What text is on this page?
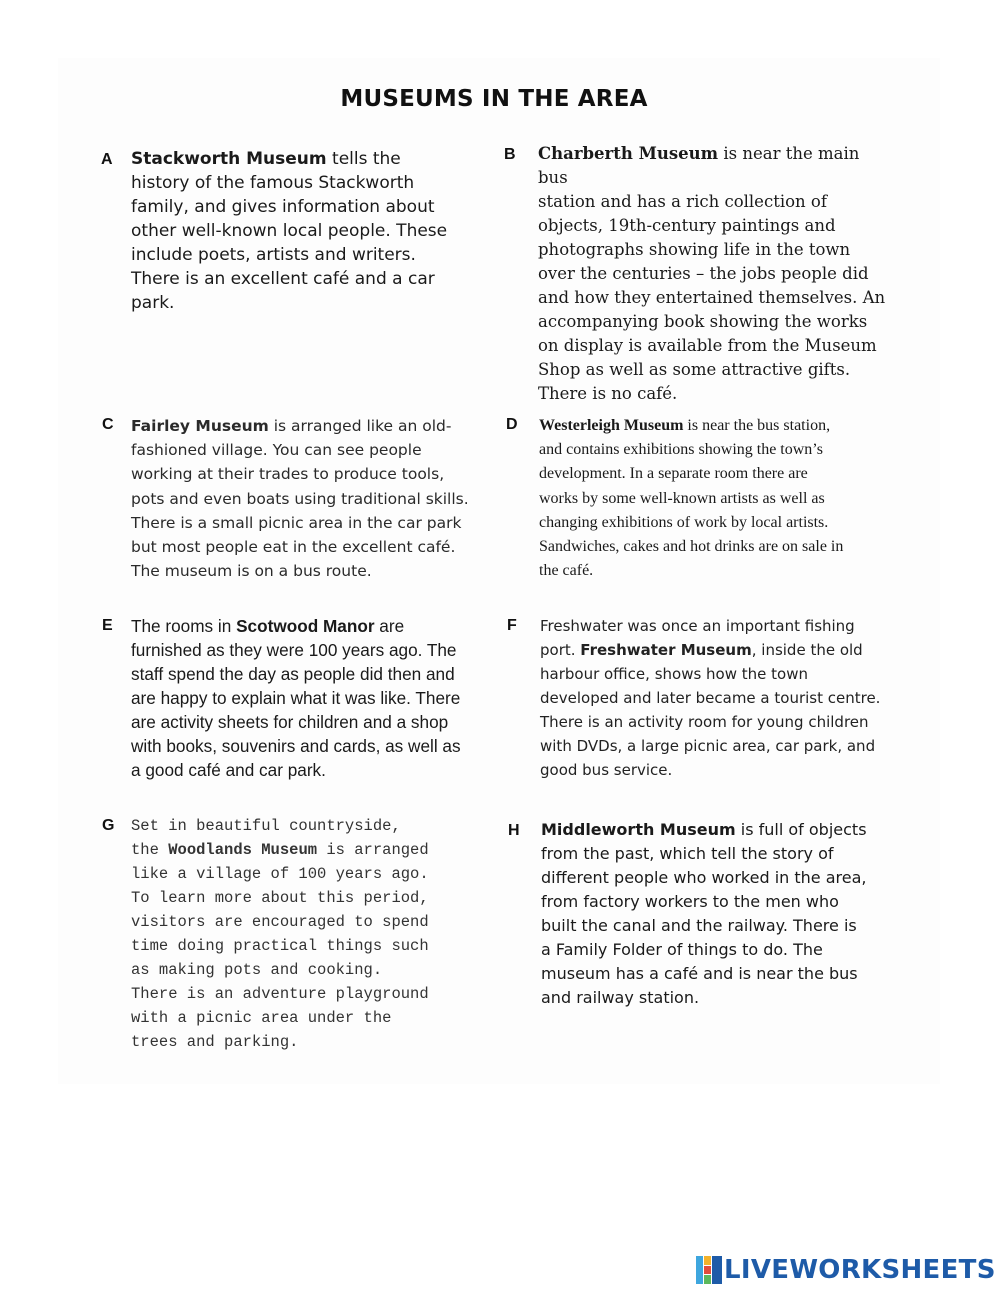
MUSEUMS IN THE AREA
A Stackworth Museum tells the
history of the famous Stackworth
family, and gives information about
other well-known local people. These
include poets, artists and writers.
There is an excellent café and a car
park.

B Charberth Museum is near the main bus
station and has a rich collection of
objects, 19th-century paintings and
photographs showing life in the town
over the centuries – the jobs people did
and how they entertained themselves. An
accompanying book showing the works
on display is available from the Museum
Shop as well as some attractive gifts.
There is no café.

C Fairley Museum is arranged like an old-
fashioned village. You can see people
working at their trades to produce tools,
pots and even boats using traditional skills.
There is a small picnic area in the car park
but most people eat in the excellent café.
The museum is on a bus route.

D Westerleigh Museum is near the bus station,
and contains exhibitions showing the town’s
development. In a separate room there are
works by some well-known artists as well as
changing exhibitions of work by local artists.
Sandwiches, cakes and hot drinks are on sale in
the café.

E The rooms in Scotwood Manor are
furnished as they were 100 years ago. The
staff spend the day as people did then and
are happy to explain what it was like. There
are activity sheets for children and a shop
with books, souvenirs and cards, as well as
a good café and car park.

F Freshwater was once an important fishing
port. Freshwater Museum, inside the old
harbour office, shows how the town
developed and later became a tourist centre.
There is an activity room for young children
with DVDs, a large picnic area, car park, and
good bus service.

G Set in beautiful countryside,
the Woodlands Museum is arranged
like a village of 100 years ago.
To learn more about this period,
visitors are encouraged to spend
time doing practical things such
as making pots and cooking.
There is an adventure playground
with a picnic area under the
trees and parking.

H Middleworth Museum is full of objects
from the past, which tell the story of
different people who worked in the area,
from factory workers to the men who
built the canal and the railway. There is
a Family Folder of things to do. The
museum has a café and is near the bus
and railway station.

LIVEWORKSHEETS
